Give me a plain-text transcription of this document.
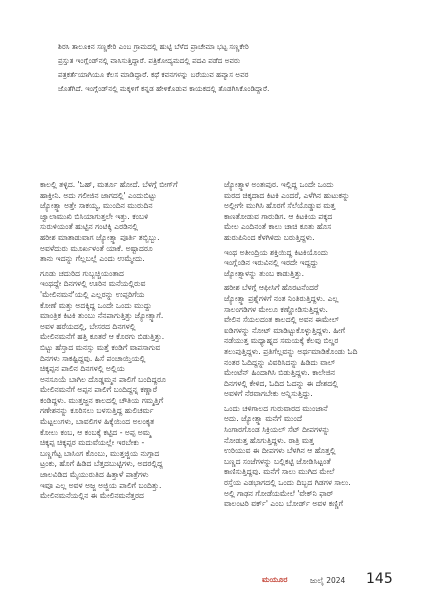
ಶಿರಸಿ ತಾಲೂಕಿನ ಸಣ್ಣಕೇರಿ ಎಂಬ ಗ್ರಾಮದಲ್ಲಿ ಹುಟ್ಟಿ ಬೆಳೆದ ಪ್ರಾಚೇಮಾ ಭಟ್ಟ ಸಣ್ಣಕೇರಿ
ಪ್ರಸ್ತುತ ಇಂಗ್ಲೆಂಡ್‌ನಲ್ಲಿ ವಾಸಿಸುತ್ತಿದ್ದಾರೆ. ಪತ್ರಿಕೋದ್ಯಮದಲ್ಲಿ ಪದವಿ ಪಡೆದ ಅವರು
ಪತ್ರಕರ್ತೆಯಾಗಿಯೂ ಕೆಲಸ ಮಾಡಿದ್ದಾರೆ. ಕಥೆ ಕವನಗಳನ್ನು ಬರೆಯುವ ಹವ್ಯಾಸ ಅವರ
ಜೊತೆಗಿದೆ. ಇಂಗ್ಲೆಂಡ್‌ನಲ್ಲಿ ಮಕ್ಕಳಿಗೆ ಕನ್ನಡ ಹೇಳಿಕೊಡುವ ಕಾಯಕದಲ್ಲಿ ತೊಡಗಿಸಿಕೊಂಡಿದ್ದಾರೆ.
ಕಾಲಲ್ಲಿ ತಳ್ಳಿದ. 'ಓಹ್, ಮರ್ತೂ ಹೋದೆ. ಬೆಳಗ್ಗೆ ಬೀಗ್‌ಗೆ
ಹಾಕ್ತೀನಿ. ಅದು ಗಲೀಜಿನ ಜಾಗದಲ್ಲಿ' ಎಂದುಬಿಟ್ಟು
ಜ್ಯೋತ್ಸ್ನಾ ಅತ್ತೇ ಸಾಕಯ್ಯ, ಮುಂದಿನ ಮುರುದಿನ
ಜ್ವಾಲಾಮುಖಿ ಬಿಸಿಯಾಗುತ್ತಲೇ ಇತ್ತು. ಕಂಬಳಿ
ಸುರುಳಿಯಂತೆ ಹುಟ್ಟಿನ ಗಂಟಿಕ್ಕಿ ಎರಡಿನಲ್ಲಿ
ಹರೀಶ ಮಾತಾಡುವಾಗ ಜ್ಯೋತ್ಸ್ನಾ ಪೂರ್ತಿ ತಬ್ಬಿಬ್ಬು.
ಅವಳೆದುರು ಮೂರ್ಖಳಂತೆ ಯಾಕೆ. ಅಷ್ಟಾದರೂ
ತಾನು ಇದನ್ನು ಗೆಲ್ಲಬಲ್ಲೆ ಎಂದು ಉಮ್ಮೇದು.
ಗೂಡು ಚದುರಿದ ಗುಬ್ಬಚ್ಚಿಯಂತಾದ
ಇಂಥದ್ದೇ ದಿನಗಳಲ್ಲಿ ಊರಿನ ಮನೆಯಲ್ಲಿರುವ
'ಮೇಲಿನಮನೆ'ಯಲ್ಲಿ ಎಲ್ಲರನ್ನು ಉಪ್ಪರಿಗೆಯ
ಕೋಣೆ ಮತ್ತು ಅದಕ್ಕಿದ್ದ ಒಂದೇ ಒಂದು ಮುದ್ದು
ಮಾಂತ್ರಿಕ ಕಿಟಕಿ ತುಂಬು ನೆನಪಾಗುತ್ತಿತ್ತು ಜ್ಯೋತ್ಸ್ನಾಗೆ.
ಅವಳ ಹರೆಯದಲ್ಲಿ, ಬೇಸರದ ದಿನಗಳಲ್ಲಿ
ಮೇಲಿನಮನೆಗೆ ಹತ್ತಿ ಕೂತರೆ ಆ ಕೊರಗು ಬಿಡುತ್ತಿತ್ತು.
ಬಿಟ್ಟು ಹೆಸ್ತಾದ ಮನಸ್ಸು ಮತ್ತೆ ಕಂಡಿಗೆ ವಾಪಸಾಗುವ
ದಿನಗಳು ಸಾಕಷ್ಟಿದ್ದವು. ಹಿಸೆ ಪಂಚಾಯ್ತಿಯಲ್ಲಿ
ಚಿಕ್ಕಪ್ಪನ ಪಾಲಿನ ದಿನಗಳಲ್ಲಿ ಅಲ್ಲಿಯ
ಅನಸೂಯೆ ಬಾಗಿಲ ದೊಡ್ಡಮ್ಮನ ಪಾಲಿಗೆ ಬಂದಿದ್ದರೂ
ಮೇಲಿನಮನೆಗೆ ಅಪ್ಪನ ಪಾಲಿಗೆ ಬಂದಿದ್ದನ್ನ ಕಣ್ಣಾರೆ
ಕಂಡಿದ್ದಳು. ಮುತ್ತಜ್ಜನ ಕಾಲದಲ್ಲಿ ಚೌತಿಯ ಗಮ್ಮತ್ತಿಗೆ
ಗಣೇಶನನ್ನು ಕೂರಿಸಲು ಬಳಸುತ್ತಿದ್ದ ಹುಲಿಚರ್ಮ
ಮೆಟ್ಟಲುಗಳು, ಬಾವಲಿಗಳ ಹಿಕ್ಕೆಯಿಂದ ಅಲಂಕೃತ
ಕೋಲು ಕಂಬ, ಆ ಕಂಬಕ್ಕೆ ಕಟ್ಟಿದ - ಅಪ್ಪ ಅಮ್ಮ
ಚಿಕ್ಕಪ್ಪ ಚಿಕ್ಕಪ್ಪರ ಮದುವೆಯಲ್ಲೇ ಇರಬೇಕು -
ಬಣ್ಣಗೆಟ್ಟ ಬಾಸಿಂಗ ಕೊಂಬು, ಮುತ್ತಜ್ಜಿಯ ನುಗ್ಗಾದ
ಟ್ರಂಕು, ಹೊಗೆ ಹಿಡಿದ ಬೆತ್ತದಬುಟ್ಟಿಗಳು, ಅದರಲ್ಲಿದ್ದ
ಜಾಲವಿಡಿದ ಮೈಯುರುತಿದ ಹಿತ್ತಾಳೆ ಪಾತ್ರೆಗಳು
ಇವೂ ಎಲ್ಲ ಅವಳ ಅಜ್ಜ ಅಜ್ಜಿಯ ಪಾಲಿಗೆ ಬಂದಿತ್ತು.
ಮೇಲಿನಮನೆಯಲ್ಲಿನ ಈ ಮೇಲಿನಮನೆತ್ತರದ
ಜ್ಯೋತ್ಸ್ನಾಳ ಅಂತಃಪುರ. ಇಲ್ಲಿದ್ದ ಒಂದೇ ಒಂದು
ಮರದ ಚಿಕ್ಕದಾದ ಕಿಟಕಿ ಎಂದರೆ, ಎಳೆಗಿನ ಹುಟುಕನ್ನು
ಅಲ್ಲೀಗೇ ಮುಗಿಸಿ ಹೊರಗೆ ಸೆಲೆಯೊಡ್ಡುವ ಮತ್ತ
ಕಾಣತೋಡುವ ಗಾರುಡಿಗ. ಆ ಕಿಟಕಿಯ ಪಕ್ಕದ
ಮೇಲ ಎಂದಿನಂತೆ ಕಾಲು ಚಾಚಿ ಕೂತು ಹೊಸ
ಹುರುಪಿನಿಂದ ಕೆಳಗಿಳಿದು ಬರುತ್ತಿದ್ದಳು.
ಇಂಥ ಅತೀಂದ್ರಿಯ ಶಕ್ತಿಯಿದ್ದ ಕಿಟಕಿಯೊಂದು
ಇಂಗ್ಲೆಂಡಿನ ಇರುವಿನಲ್ಲಿ ಇರದೇ ಇದ್ದದ್ದು
ಜ್ಯೋತ್ಸ್ನಾಳನ್ನು ತುಂಬ ಕಾಡುತ್ತಿತ್ತು.
ಹರೀಶ ಬೆಳಗ್ಗೆ ಆಫೀಸಿಗೆ ಹೊರಟನೆಂದರೆ
ಜ್ಯೋತ್ಸ್ನಾ ಪ್ರಶ್ನೆಗಳಿಗೆ ನಂತ ನಿಂತಿರುತ್ತಿದ್ದಳು. ಎಲ್ಲ
ಸಾಲಂಗಡಿಗಳ ಮೇಲೂ ಕಣ್ಣೋಡಿಸುತ್ತಿದ್ದಳು.
ವೇಲಿನ ಸೆಯಲದಂತ ಕಾಲದಲ್ಲಿ ಅವನ ಈಮೇಲ್
ಐಡಿಗಳನ್ನು ನೋಟ್ ಮಾಡಿಟ್ಟುಕೊಳ್ಳುತ್ತಿದ್ದಳು. ಹೀಗೆ
ನಡೆಯುತ್ತ ಮಧ್ಯಾಹ್ನದ ಸಮಯಕ್ಕೆ ಕೆಲವು ಬಿಲ್ಡರ
ತಲುಪುತ್ತಿದ್ದಳು. ಪ್ರತಿಗೆಲ್ಲವನ್ನು ಅರ್ಥಮಾಡಿಕೊಂಡು ಓದಿ
ನಂತರ ಓದಿದ್ದನ್ನು ವಿವರಿಸಿದನ್ನು ಹಿಡಿದು ವಾಲ್
ಮೇಂಟೆನ್ ಹಿಂದಾಗಿಸಿ ಬಿಡುತ್ತಿದ್ದಳು. ಕಾಲೇಜಿನ
ದಿನಗಳಲ್ಲಿ ಕೇಳಿದ, ಓದಿದ ಓದನ್ನು ಈ ದೇಶದಲ್ಲಿ
ಅವಳಿಗೆ ನೆರವಾಗಬೇಕು ಅನ್ನಿಸುತ್ತಿದ್ದು.
ಒಂದು ಚಳಿಗಾಲದ ಗುರುವಾರದ ಮುಂಜಾನೆ
ಅದು. ಜ್ಯೋತ್ಸ್ನಾ ಮನೆಗೆ ಮುಂದೆ
ಸಿಂಗಾರಗೊಂಡ ಸಿಕ್ರಿಯಲ್ ಸೆಟ್ ದೀಪಗಳನ್ನು
ನೋಡುತ್ತ ಹೊಗುತ್ತಿದ್ದಳು. ರಾತ್ರಿ ಮತ್ತ
ಉರಿಯುವ ಈ ದೀಪಗಳು ಬೆಳಗಿನ ಆ ಹೊತ್ತಲ್ಲಿ
ಬಣ್ಣದ ಸಂಜೆಗಳನ್ನು ಬಲ್ಲಿಕಟ್ಟಿ ಜೋಡಿಸಿಟ್ಟಂತೆ
ಕಾಣಿಸುತ್ತಿದ್ದವು. ಮನೆಗೆ ಸಾಲು ಮುಗಿದ ಮೇಲೆ
ರಸ್ತೆಯ ಎಡಭಾಗದಲ್ಲಿ ಒಂದು ದಿಬ್ಬದ ಗಿಡಗಳ ಸಾಲು.
ಅಲ್ಲಿ ಗಾಢನ ಗೋಡೆಯಮೇಲೆ 'ವೇಕ್‌ನಿ ಫಾರ್
ವಾಲಂಟರಿ ವರ್ಕ್' ಎಂಬ ಬೋರ್ಡ್ ಅವಳ ಕಣ್ಣಿಗೆ
ಮಯೂರ	ಜುಲೈ 2024 145
